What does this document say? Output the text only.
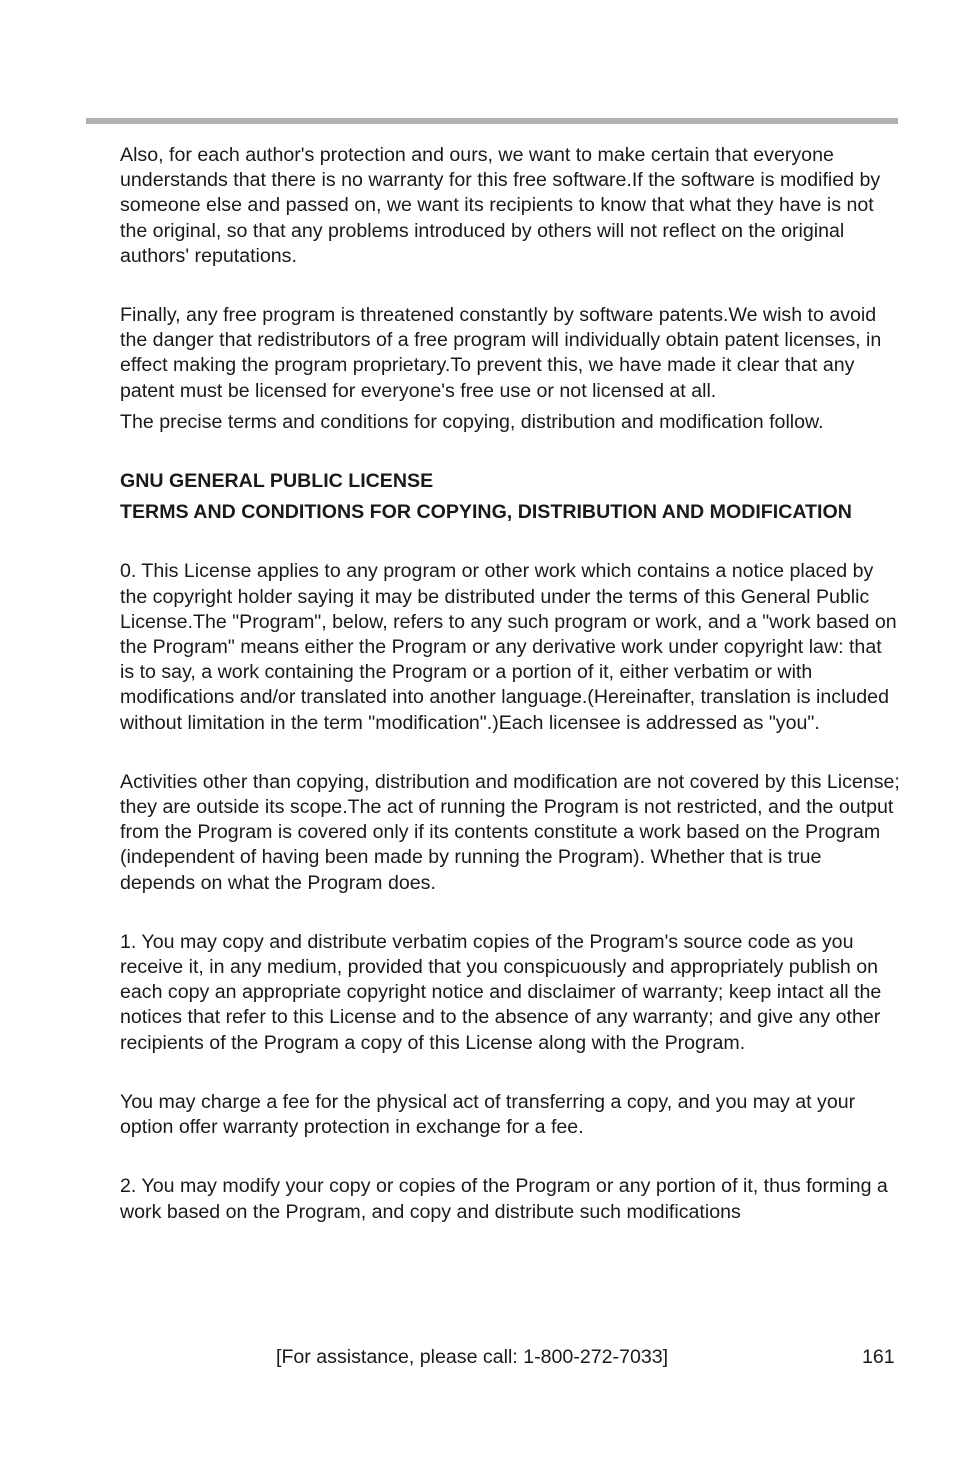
Also, for each author's protection and ours, we want to make certain that everyone understands that there is no warranty for this free software.If the software is modified by someone else and passed on, we want its recipients to know that what they have is not the original, so that any problems introduced by others will not reflect on the original authors' reputations.

Finally, any free program is threatened constantly by software patents.We wish to avoid the danger that redistributors of a free program will individually obtain patent licenses, in effect making the program proprietary.To prevent this, we have made it clear that any patent must be licensed for everyone's free use or not licensed at all.

The precise terms and conditions for copying, distribution and modification follow.

GNU GENERAL PUBLIC LICENSE

TERMS AND CONDITIONS FOR COPYING, DISTRIBUTION AND MODIFICATION

0. This License applies to any program or other work which contains a notice placed by the copyright holder saying it may be distributed under the terms of this General Public License.The "Program", below, refers to any such program or work, and a "work based on the Program" means either the Program or any derivative work under copyright law: that is to say, a work containing the Program or a portion of it, either verbatim or with modifications and/or translated into another language.(Hereinafter, translation is included without limitation in the term "modification".)Each licensee is addressed as "you".

Activities other than copying, distribution and modification are not covered by this License; they are outside its scope.The act of running the Program is not restricted, and the output from the Program is covered only if its contents constitute a work based on the Program (independent of having been made by running the Program). Whether that is true depends on what the Program does.

1. You may copy and distribute verbatim copies of the Program's source code as you receive it, in any medium, provided that you conspicuously and appropriately publish on each copy an appropriate copyright notice and disclaimer of warranty; keep intact all the notices that refer to this License and to the absence of any warranty; and give any other recipients of the Program a copy of this License along with the Program.

You may charge a fee for the physical act of transferring a copy, and you may at your option offer warranty protection in exchange for a fee.

2. You may modify your copy or copies of the Program or any portion of it, thus forming a work based on the Program, and copy and distribute such modifications

[For assistance, please call: 1-800-272-7033]	161
